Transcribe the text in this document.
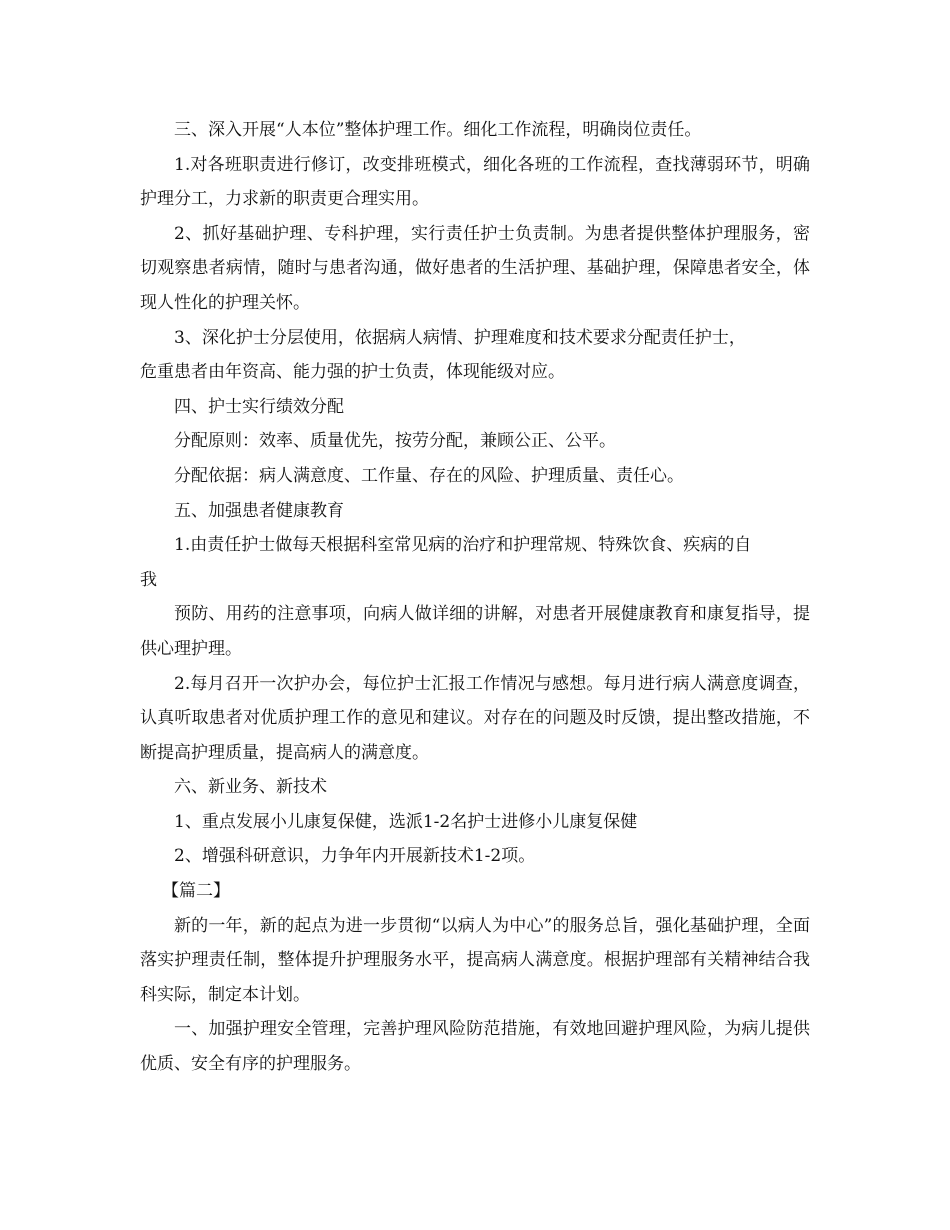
三、深入开展“人本位”整体护理工作。细化工作流程，明确岗位责任。

1.对各班职责进行修订，改变排班模式，细化各班的工作流程，查找薄弱环节，明确护理分工，力求新的职责更合理实用。

2、抓好基础护理、专科护理，实行责任护士负责制。为患者提供整体护理服务，密切观察患者病情，随时与患者沟通，做好患者的生活护理、基础护理，保障患者安全，体现人性化的护理关怀。

3、深化护士分层使用，依据病人病情、护理难度和技术要求分配责任护士，

危重患者由年资高、能力强的护士负责，体现能级对应。

四、护士实行绩效分配

分配原则：效率、质量优先，按劳分配，兼顾公正、公平。

分配依据：病人满意度、工作量、存在的风险、护理质量、责任心。

五、加强患者健康教育

1.由责任护士做每天根据科室常见病的治疗和护理常规、特殊饮食、疾病的自

我

预防、用药的注意事项，向病人做详细的讲解，对患者开展健康教育和康复指导，提供心理护理。

2.每月召开一次护办会，每位护士汇报工作情况与感想。每月进行病人满意度调查，认真听取患者对优质护理工作的意见和建议。对存在的问题及时反馈，提出整改措施，不断提高护理质量，提高病人的满意度。

六、新业务、新技术

1、重点发展小儿康复保健，选派1-2名护士进修小儿康复保健

2、增强科研意识，力争年内开展新技术1-2项。

【篇二】

新的一年，新的起点为进一步贯彻“以病人为中心”的服务总旨，强化基础护理，全面落实护理责任制，整体提升护理服务水平，提高病人满意度。根据护理部有关精神结合我科实际，制定本计划。

一、加强护理安全管理，完善护理风险防范措施，有效地回避护理风险，为病儿提供优质、安全有序的护理服务。
